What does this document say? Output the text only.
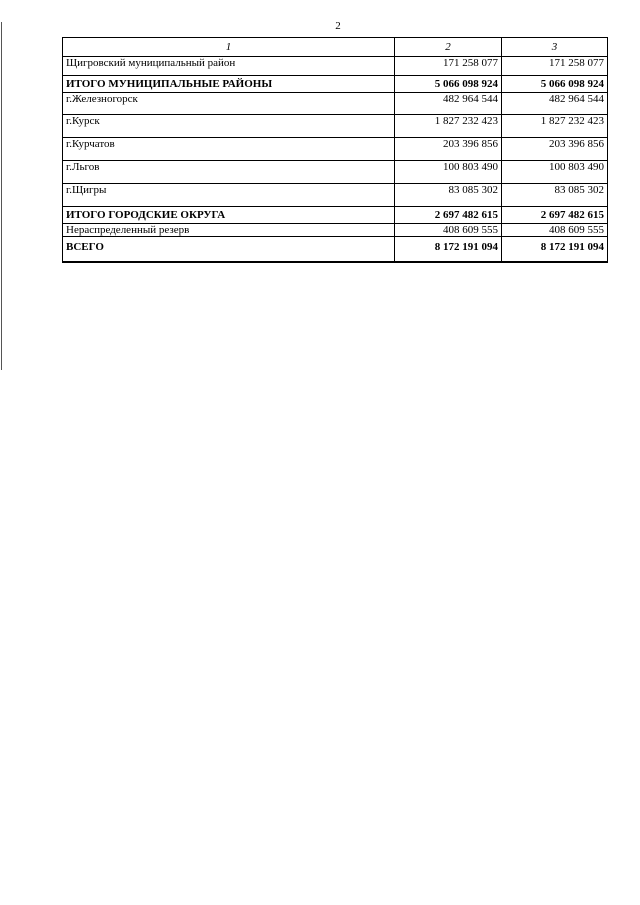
2
1	2	3
Щигровский муниципальный район	171 258 077	171 258 077
ИТОГО МУНИЦИПАЛЬНЫЕ РАЙОНЫ	5 066 098 924	5 066 098 924
г.Железногорск	482 964 544	482 964 544
г.Курск	1 827 232 423	1 827 232 423
г.Курчатов	203 396 856	203 396 856
г.Льгов	100 803 490	100 803 490
г.Щигры	83 085 302	83 085 302
ИТОГО ГОРОДСКИЕ ОКРУГА	2 697 482 615	2 697 482 615
Нераспределенный резерв	408 609 555	408 609 555
ВСЕГО	8 172 191 094	8 172 191 094
